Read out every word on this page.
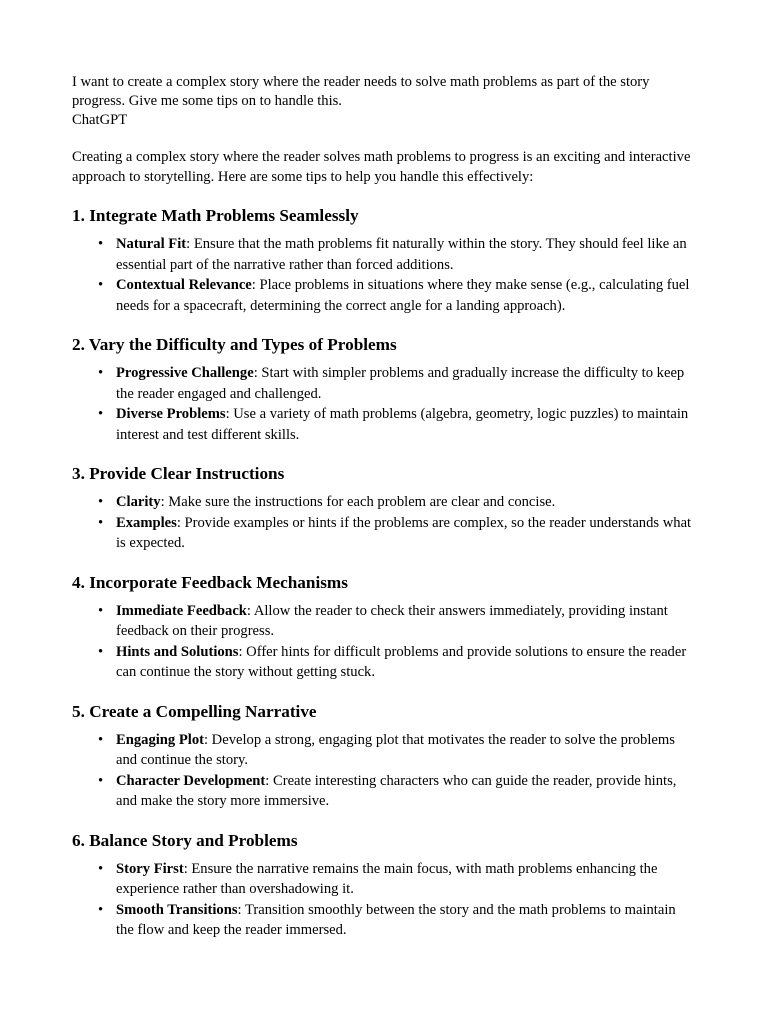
I want to create a complex story where the reader needs to solve math problems as part of the story progress. Give me some tips on to handle this.

ChatGPT

Creating a complex story where the reader solves math problems to progress is an exciting and interactive approach to storytelling. Here are some tips to help you handle this effectively:

1. Integrate Math Problems Seamlessly
• Natural Fit: Ensure that the math problems fit naturally within the story. They should feel like an essential part of the narrative rather than forced additions.
• Contextual Relevance: Place problems in situations where they make sense (e.g., calculating fuel needs for a spacecraft, determining the correct angle for a landing approach).
2. Vary the Difficulty and Types of Problems
• Progressive Challenge: Start with simpler problems and gradually increase the difficulty to keep the reader engaged and challenged.
• Diverse Problems: Use a variety of math problems (algebra, geometry, logic puzzles) to maintain interest and test different skills.
3. Provide Clear Instructions
• Clarity: Make sure the instructions for each problem are clear and concise.
• Examples: Provide examples or hints if the problems are complex, so the reader understands what is expected.
4. Incorporate Feedback Mechanisms
• Immediate Feedback: Allow the reader to check their answers immediately, providing instant feedback on their progress.
• Hints and Solutions: Offer hints for difficult problems and provide solutions to ensure the reader can continue the story without getting stuck.
5. Create a Compelling Narrative
• Engaging Plot: Develop a strong, engaging plot that motivates the reader to solve the problems and continue the story.
• Character Development: Create interesting characters who can guide the reader, provide hints, and make the story more immersive.
6. Balance Story and Problems
• Story First: Ensure the narrative remains the main focus, with math problems enhancing the experience rather than overshadowing it.
• Smooth Transitions: Transition smoothly between the story and the math problems to maintain the flow and keep the reader immersed.
